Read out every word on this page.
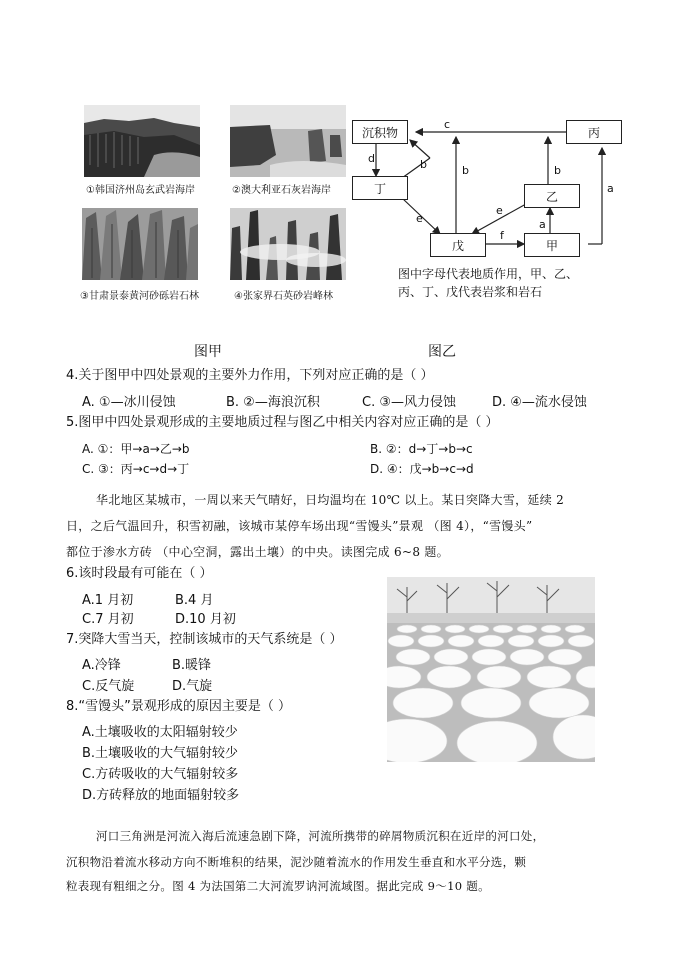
①韩国济州岛玄武岩海岸	②澳大利亚石灰岩海岸
③甘肃景泰黄河砂砾岩石林	④张家界石英砂岩峰林
c
d	b	b	b
e
e
f
a
a
沉积物	丙
丁
乙
戊	甲
图中字母代表地质作用，甲、乙、
丙、丁、戊代表岩浆和岩石
图甲	图乙
4.关于图甲中四处景观的主要外力作用，下列对应正确的是（ ）
A. ①—冰川侵蚀	B. ②—海浪沉积	C. ③—风力侵蚀	D. ④—流水侵蚀
5.图甲中四处景观形成的主要地质过程与图乙中相关内容对应正确的是（ ）
A. ①：甲→a→乙→b	B. ②：d→丁→b→c
C. ③：丙→c→d→丁	D. ④：戊→b→c→d
华北地区某城市，一周以来天气晴好，日均温均在 10℃ 以上。某日突降大雪，延续 2
日，之后气温回升，积雪初融，该城市某停车场出现“雪馒头”景观 （图 4），“雪馒头”
都位于渗水方砖 （中心空洞，露出土壤）的中央。读图完成 6~8 题。
6.该时段最有可能在（ ）
A.1 月初	B.4 月
C.7 月初	D.10 月初
7.突降大雪当天，控制该城市的天气系统是（ ）
A.冷锋	B.暖锋
C.反气旋	D.气旋
8.“雪馒头”景观形成的原因主要是（ ）
A.土壤吸收的太阳辐射较少
B.土壤吸收的大气辐射较少
C.方砖吸收的大气辐射较多
D.方砖释放的地面辐射较多
河口三角洲是河流入海后流速急剧下降，河流所携带的碎屑物质沉积在近岸的河口处，
沉积物沿着流水移动方向不断堆积的结果，泥沙随着流水的作用发生垂直和水平分选，颗
粒表现有粗细之分。图 4 为法国第二大河流罗讷河流域图。据此完成 9～10 题。
